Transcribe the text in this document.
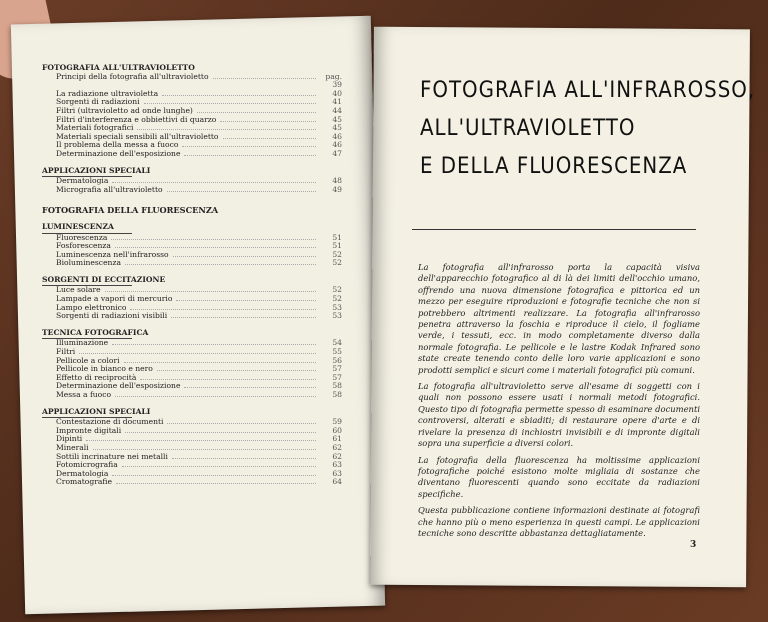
FOTOGRAFIA ALL'ULTRAVIOLETTO
Principi della fotografia all'ultravioletto	pag. 39
La radiazione ultravioletta	40
Sorgenti di radiazioni	41
Filtri (ultravioletto ad onde lunghe)	44
Filtri d'interferenza e obbiettivi di quarzo	45
Materiali fotografici	45
Materiali speciali sensibili all'ultravioletto	46
Il problema della messa a fuoco	46
Determinazione dell'esposizione	47
APPLICAZIONI SPECIALI
Dermatologia	48
Micrografia all'ultravioletto	49
FOTOGRAFIA DELLA FLUORESCENZA
LUMINESCENZA
Fluorescenza	51
Fosforescenza	51
Luminescenza nell'infrarosso	52
Bioluminescenza	52
SORGENTI DI ECCITAZIONE
Luce solare	52
Lampade a vapori di mercurio	52
Lampo elettronico	53
Sorgenti di radiazioni visibili	53
TECNICA FOTOGRAFICA
Illuminazione	54
Filtri	55
Pellicole a colori	56
Pellicole in bianco e nero	57
Effetto di reciprocità	57
Determinazione dell'esposizione	58
Messa a fuoco	58
APPLICAZIONI SPECIALI
Contestazione di documenti	59
Impronte digitali	60
Dipinti	61
Minerali	62
Sottili incrinature nei metalli	62
Fotomicrografia	63
Dermatologia	63
Cromatografie	64
FOTOGRAFIA ALL'INFRAROSSO,
ALL'ULTRAVIOLETTO
E DELLA FLUORESCENZA

La fotografia all'infrarosso porta la capacità visiva dell'apparecchio fotografico al di là dei limiti dell'occhio umano, offrendo una nuova dimensione fotografica e pittorica ed un mezzo per eseguire riproduzioni e fotografie tecniche che non si potrebbero altrimenti realizzare. La fotografia all'infrarosso penetra attraverso la foschia e riproduce il cielo, il fogliame verde, i tessuti, ecc. in modo completamente diverso dalla normale fotografia. Le pellicole e le lastre Kodak Infrared sono state create tenendo conto delle loro varie applicazioni e sono prodotti semplici e sicuri come i materiali fotografici più comuni.

La fotografia all'ultravioletto serve all'esame di soggetti con i quali non possono essere usati i normali metodi fotografici. Questo tipo di fotografia permette spesso di esaminare documenti controversi, alterati e sbiaditi; di restaurare opere d'arte e di rivelare la presenza di inchiostri invisibili e di impronte digitali sopra una superficie a diversi colori.

La fotografia della fluorescenza ha moltissime applicazioni fotografiche poiché esistono molte migliaia di sostanze che diventano fluorescenti quando sono eccitate da radiazioni specifiche.

Questa pubblicazione contiene informazioni destinate ai fotografi che hanno più o meno esperienza in questi campi. Le applicazioni tecniche sono descritte abbastanza dettagliatamente.

3
